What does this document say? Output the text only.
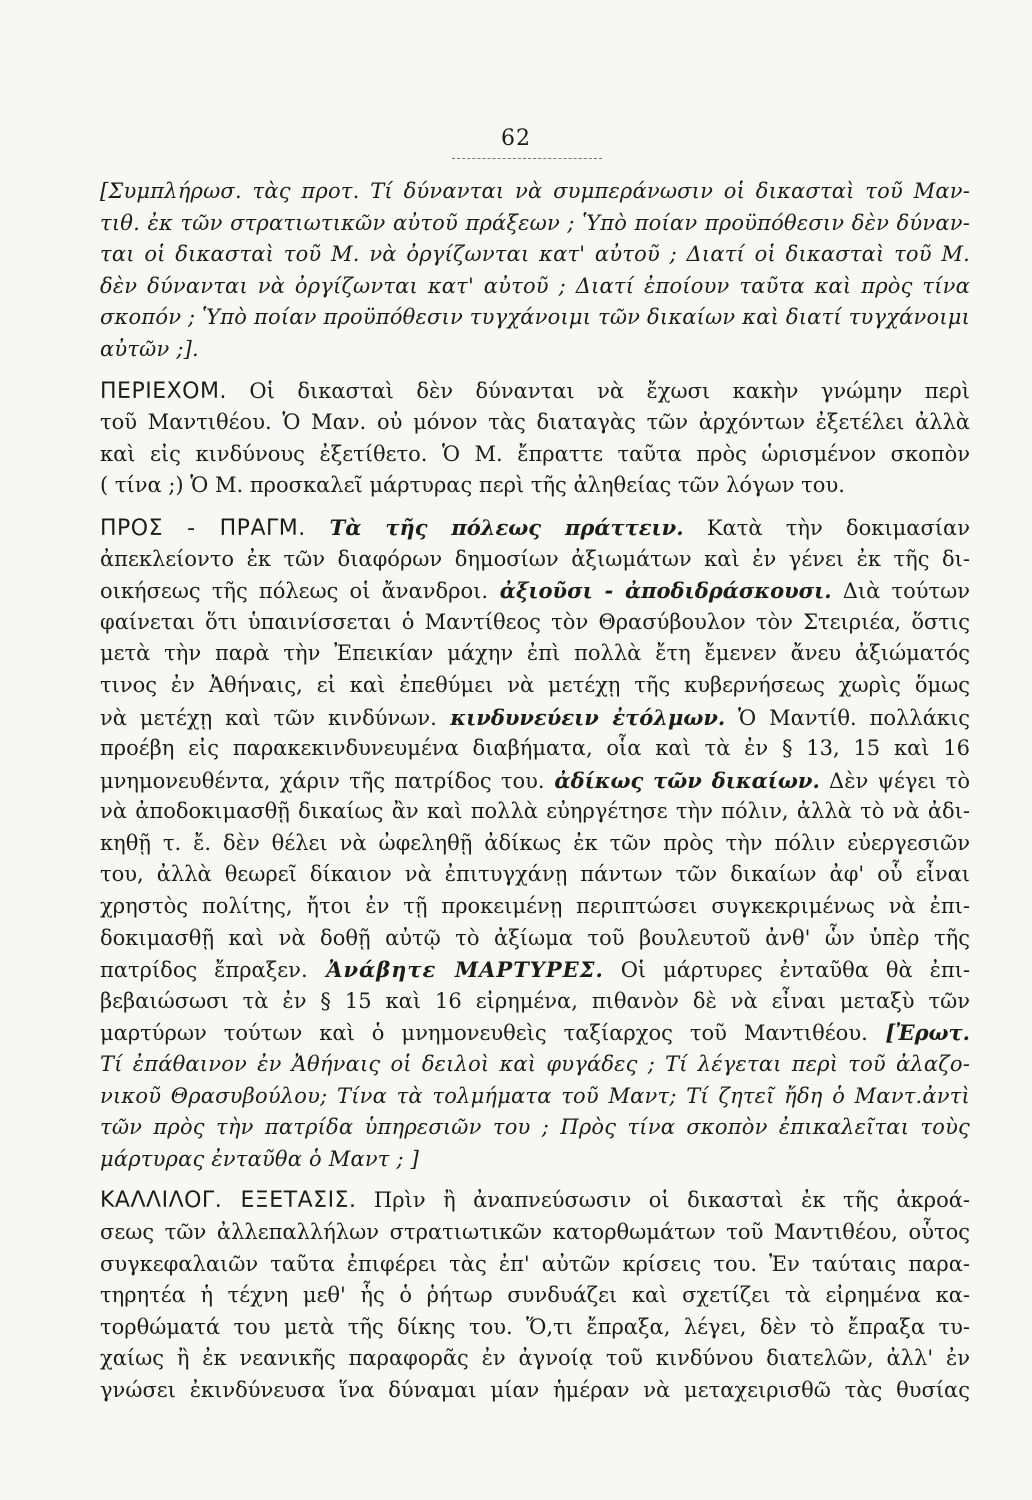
62
[Συμπλήρωσ. τὰς προτ. Τί δύνανται νὰ συμπεράνωσιν οἱ δικασταὶ τοῦ Μαν-
τιθ. ἐκ τῶν στρατιωτικῶν αὐτοῦ πράξεων ; Ὑπὸ ποίαν προϋπόθεσιν δὲν δύναν-
ται οἱ δικασταὶ τοῦ Μ. νὰ ὀργίζωνται κατ' αὐτοῦ ; Διατί οἱ δικασταὶ τοῦ Μ.
δὲν δύνανται νὰ ὀργίζωνται κατ' αὐτοῦ ; Διατί ἐποίουν ταῦτα καὶ πρὸς τίνα
σκοπόν ; Ὑπὸ ποίαν προϋπόθεσιν τυγχάνοιμι τῶν δικαίων καὶ διατί τυγχάνοιμι
αὐτῶν ;].
ΠΕΡΙΕΧΟΜ. Οἱ δικασταὶ δὲν δύνανται νὰ ἔχωσι κακὴν γνώμην περὶ
τοῦ Μαντιθέου. Ὁ Μαν. οὐ μόνον τὰς διαταγὰς τῶν ἀρχόντων ἐξετέλει ἀλλὰ
καὶ εἰς κινδύνους ἐξετίθετο. Ὁ Μ. ἔπραττε ταῦτα πρὸς ὡρισμένον σκοπὸν
( τίνα ;) Ὁ Μ. προσκαλεῖ μάρτυρας περὶ τῆς ἀληθείας τῶν λόγων του.
ΠΡΟΣ - ΠΡΑΓΜ. Τὰ τῆς πόλεως πράττειν. Κατὰ τὴν δοκιμασίαν
ἀπεκλείοντο ἐκ τῶν διαφόρων δημοσίων ἀξιωμάτων καὶ ἐν γένει ἐκ τῆς δι-
οικήσεως τῆς πόλεως οἱ ἄνανδροι. ἀξιοῦσι - ἀποδιδράσκουσι. Διὰ τούτων
φαίνεται ὅτι ὑπαινίσσεται ὁ Μαντίθεος τὸν Θρασύβουλον τὸν Στειριέα, ὅστις
μετὰ τὴν παρὰ τὴν Ἐπεικίαν μάχην ἐπὶ πολλὰ ἔτη ἔμενεν ἄνευ ἀξιώματός
τινος ἐν Ἀθήναις, εἰ καὶ ἐπεθύμει νὰ μετέχῃ τῆς κυβερνήσεως χωρὶς ὅμως
νὰ μετέχῃ καὶ τῶν κινδύνων. κινδυνεύειν ἐτόλμων. Ὁ Μαντίθ. πολλάκις
προέβη εἰς παρακεκινδυνευμένα διαβήματα, οἷα καὶ τὰ ἐν § 13, 15 καὶ 16
μνημονευθέντα, χάριν τῆς πατρίδος του. ἀδίκως τῶν δικαίων. Δὲν ψέγει τὸ
νὰ ἀποδοκιμασθῇ δικαίως ἂν καὶ πολλὰ εὐηργέτησε τὴν πόλιν, ἀλλὰ τὸ νὰ ἀδι-
κηθῇ τ. ἔ. δὲν θέλει νὰ ὠφεληθῇ ἀδίκως ἐκ τῶν πρὸς τὴν πόλιν εὐεργεσιῶν
του, ἀλλὰ θεωρεῖ δίκαιον νὰ ἐπιτυγχάνῃ πάντων τῶν δικαίων ἀφ' οὗ εἶναι
χρηστὸς πολίτης, ἤτοι ἐν τῇ προκειμένῃ περιπτώσει συγκεκριμένως νὰ ἐπι-
δοκιμασθῇ καὶ νὰ δοθῇ αὐτῷ τὸ ἀξίωμα τοῦ βουλευτοῦ ἀνθ' ὧν ὑπὲρ τῆς
πατρίδος ἔπραξεν. Ἀνάβητε ΜΑΡΤΥΡΕΣ. Οἱ μάρτυρες ἐνταῦθα θὰ ἐπι-
βεβαιώσωσι τὰ ἐν § 15 καὶ 16 εἰρημένα, πιθανὸν δὲ νὰ εἶναι μεταξὺ τῶν
μαρτύρων τούτων καὶ ὁ μνημονευθεὶς ταξίαρχος τοῦ Μαντιθέου. [Ἐρωτ.
Τί ἐπάθαινον ἐν Ἀθήναις οἱ δειλοὶ καὶ φυγάδες ; Τί λέγεται περὶ τοῦ ἀλαζο-
νικοῦ Θρασυβούλου; Τίνα τὰ τολμήματα τοῦ Μαντ; Τί ζητεῖ ἤδη ὁ Μαντ.ἀντὶ
τῶν πρὸς τὴν πατρίδα ὑπηρεσιῶν του ; Πρὸς τίνα σκοπὸν ἐπικαλεῖται τοὺς
μάρτυρας ἐνταῦθα ὁ Μαντ ; ]
ΚΑΛΛΙΛΟΓ. ΕΞΕΤΑΣΙΣ. Πρὶν ἢ ἀναπνεύσωσιν οἱ δικασταὶ ἐκ τῆς ἀκροά-
σεως τῶν ἀλλεπαλλήλων στρατιωτικῶν κατορθωμάτων τοῦ Μαντιθέου, οὗτος
συγκεφαλαιῶν ταῦτα ἐπιφέρει τὰς ἐπ' αὐτῶν κρίσεις του. Ἐν ταύταις παρα-
τηρητέα ἡ τέχνη μεθ' ἧς ὁ ῥήτωρ συνδυάζει καὶ σχετίζει τὰ εἰρημένα κα-
τορθώματά του μετὰ τῆς δίκης του. Ὅ,τι ἔπραξα, λέγει, δὲν τὸ ἔπραξα τυ-
χαίως ἢ ἐκ νεανικῆς παραφορᾶς ἐν ἀγνοίᾳ τοῦ κινδύνου διατελῶν, ἀλλ' ἐν
γνώσει ἐκινδύνευσα ἵνα δύναμαι μίαν ἡμέραν νὰ μεταχειρισθῶ τὰς θυσίας
